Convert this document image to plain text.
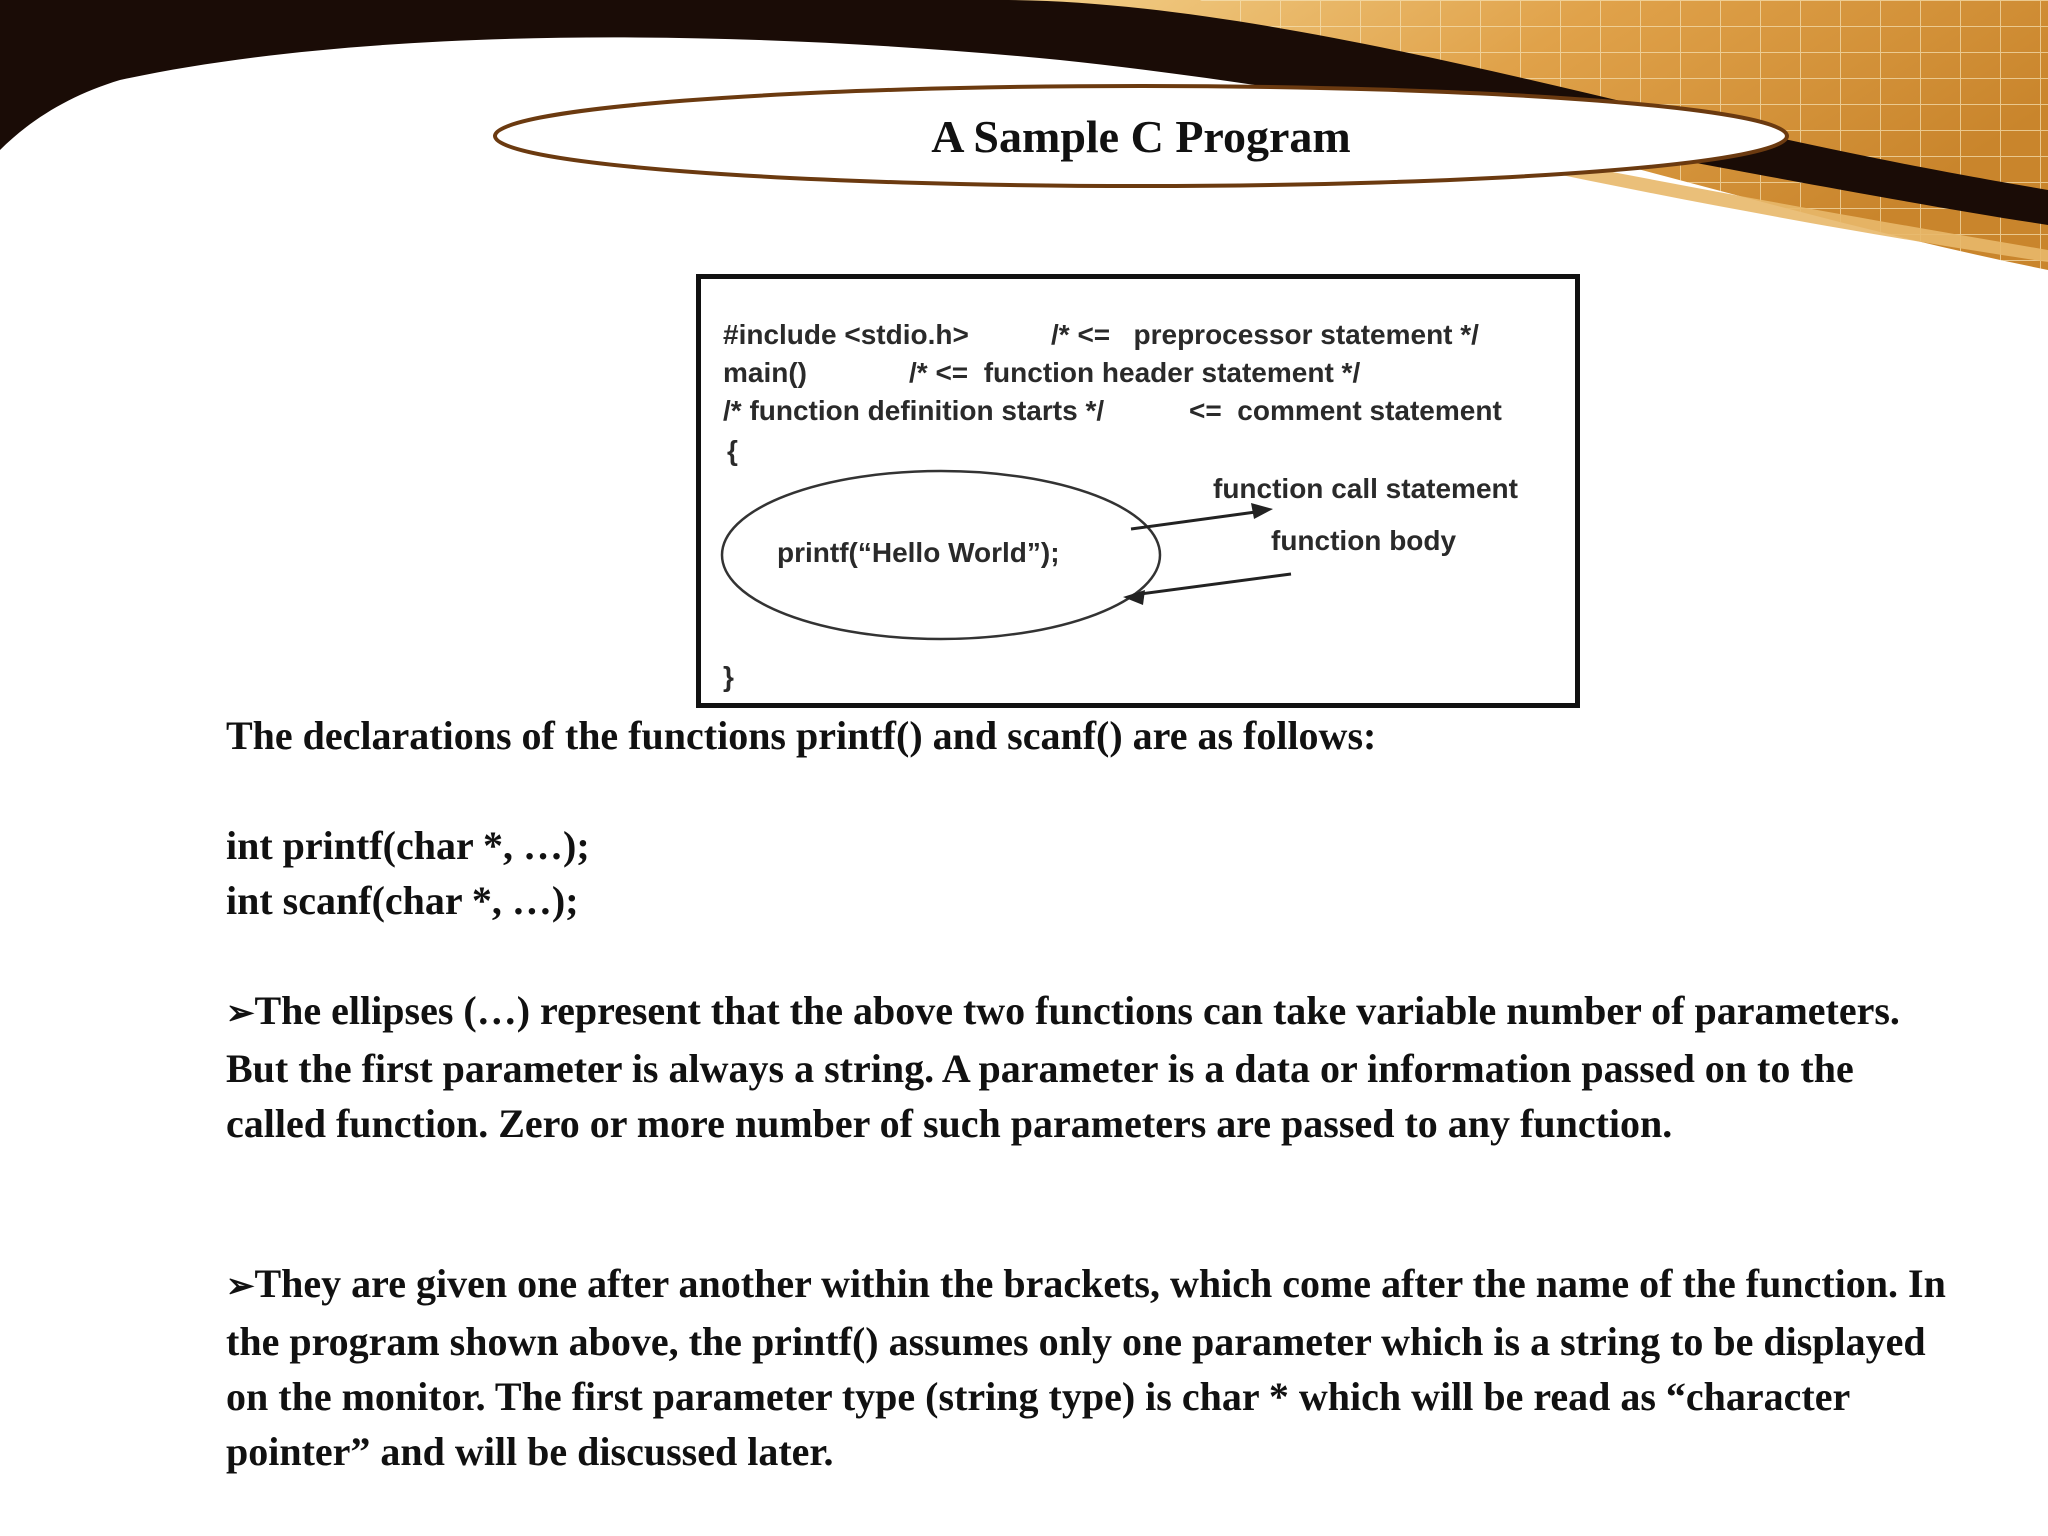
A Sample C Program
#include <stdio.h>	/* <=   preprocessor statement */
main()	/* <=  function header statement */
/* function definition starts */	<=  comment statement
{
function call statement
printf(“Hello World”);	function body
}

The declarations of the functions printf() and scanf() are as follows:

int printf(char *, …);

int scanf(char *, …);

➢The ellipses (…) represent that the above two functions can take variable number of parameters. But the first parameter is always a string. A parameter is a data or information passed on to the called function. Zero or more number of such parameters are passed to any function.

➢They are given one after another within the brackets, which come after the name of the function. In the program shown above, the printf() assumes only one parameter which is a string to be displayed on the monitor. The first parameter type (string type) is char * which will be read as “character pointer” and will be discussed later.
